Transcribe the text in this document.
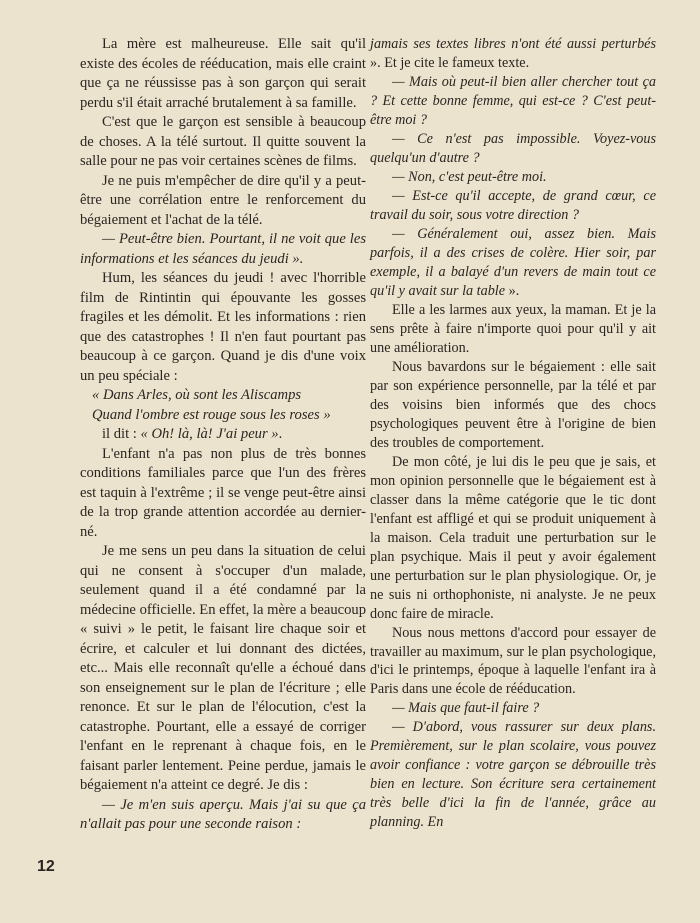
La mère est malheureuse. Elle sait qu'il existe des écoles de rééducation, mais elle craint que ça ne réussisse pas à son garçon qui serait perdu s'il était arraché brutalement à sa famille.

C'est que le garçon est sensible à beaucoup de choses. A la télé surtout. Il quitte souvent la salle pour ne pas voir certaines scènes de films.

Je ne puis m'empêcher de dire qu'il y a peut-être une corrélation entre le renforcement du bégaiement et l'achat de la télé.

— Peut-être bien. Pourtant, il ne voit que les informations et les séances du jeudi ».

Hum, les séances du jeudi ! avec l'horrible film de Rintintin qui épouvante les gosses fragiles et les démolit. Et les informations : rien que des catastrophes ! Il n'en faut pourtant pas beaucoup à ce garçon. Quand je dis d'une voix un peu spéciale :

« Dans Arles, où sont les Aliscamps

Quand l'ombre est rouge sous les roses »

il dit : « Oh! là, là! J'ai peur ».

L'enfant n'a pas non plus de très bonnes conditions familiales parce que l'un des frères est taquin à l'extrême ; il se venge peut-être ainsi de la trop grande attention accordée au dernier-né.

Je me sens un peu dans la situation de celui qui ne consent à s'occuper d'un malade, seulement quand il a été condamné par la médecine officielle. En effet, la mère a beaucoup « suivi » le petit, le faisant lire chaque soir et écrire, et calculer et lui donnant des dictées, etc... Mais elle reconnaît qu'elle a échoué dans son enseignement sur le plan de l'écriture ; elle renonce. Et sur le plan de l'élocution, c'est la catastrophe. Pourtant, elle a essayé de corriger l'enfant en le reprenant à chaque fois, en le faisant parler lentement. Peine perdue, jamais le bégaiement n'a atteint ce degré. Je dis :

— Je m'en suis aperçu. Mais j'ai su que ça n'allait pas pour une seconde raison :

jamais ses textes libres n'ont été aussi perturbés ». Et je cite le fameux texte.

— Mais où peut-il bien aller chercher tout ça ? Et cette bonne femme, qui est-ce ? C'est peut-être moi ?

— Ce n'est pas impossible. Voyez-vous quelqu'un d'autre ?

— Non, c'est peut-être moi.

— Est-ce qu'il accepte, de grand cœur, ce travail du soir, sous votre direction ?

— Généralement oui, assez bien. Mais parfois, il a des crises de colère. Hier soir, par exemple, il a balayé d'un revers de main tout ce qu'il y avait sur la table ».

Elle a les larmes aux yeux, la maman. Et je la sens prête à faire n'importe quoi pour qu'il y ait une amélioration.

Nous bavardons sur le bégaiement : elle sait par son expérience personnelle, par la télé et par des voisins bien informés que des chocs psychologiques peuvent être à l'origine de bien des troubles de comportement.

De mon côté, je lui dis le peu que je sais, et mon opinion personnelle que le bégaiement est à classer dans la même catégorie que le tic dont l'enfant est affligé et qui se produit uniquement à la maison. Cela traduit une perturbation sur le plan psychique. Mais il peut y avoir également une perturbation sur le plan physiologique. Or, je ne suis ni orthophoniste, ni analyste. Je ne peux donc faire de miracle.

Nous nous mettons d'accord pour essayer de travailler au maximum, sur le plan psychologique, d'ici le printemps, époque à laquelle l'enfant ira à Paris dans une école de rééducation.

— Mais que faut-il faire ?

— D'abord, vous rassurer sur deux plans. Premièrement, sur le plan scolaire, vous pouvez avoir confiance : votre garçon se débrouille très bien en lecture. Son écriture sera certainement très belle d'ici la fin de l'année, grâce au planning. En

12
